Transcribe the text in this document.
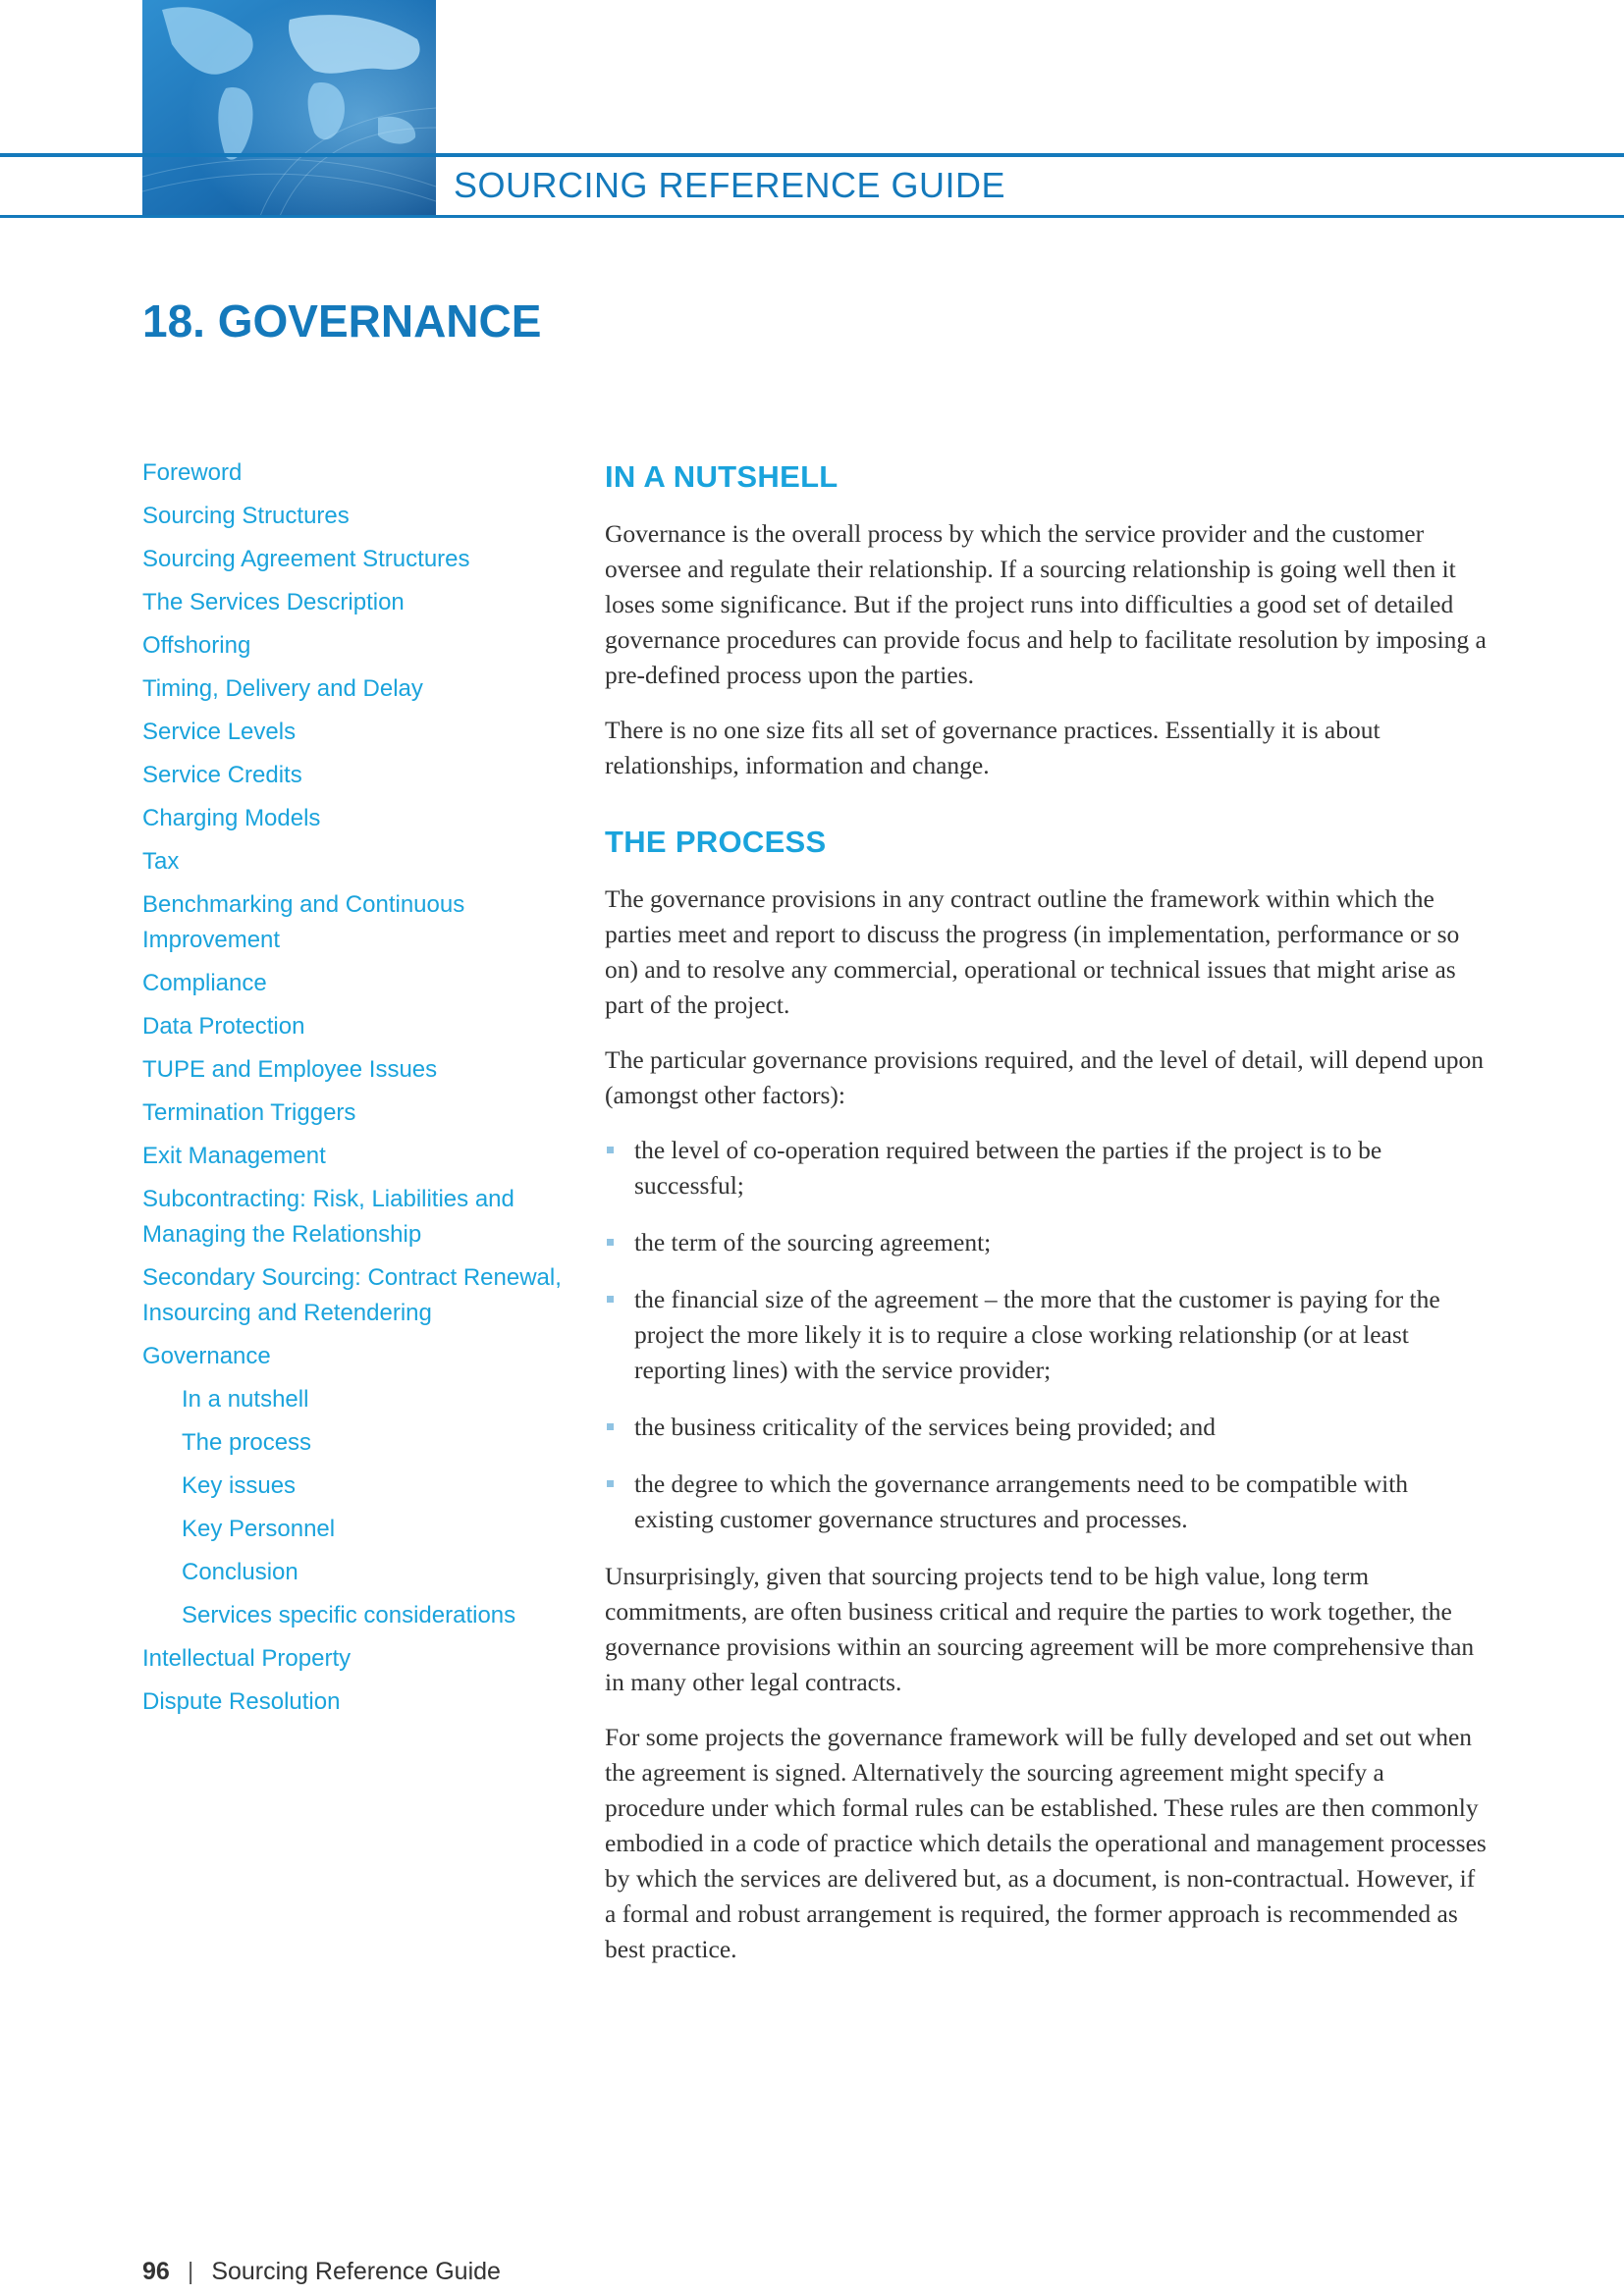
SOURCING REFERENCE GUIDE
18. GOVERNANCE
Foreword
Sourcing Structures
Sourcing Agreement Structures
The Services Description
Offshoring
Timing, Delivery and Delay
Service Levels
Service Credits
Charging Models
Tax
Benchmarking and Continuous Improvement
Compliance
Data Protection
TUPE and Employee Issues
Termination Triggers
Exit Management
Subcontracting: Risk, Liabilities and Managing the Relationship
Secondary Sourcing: Contract Renewal, Insourcing and Retendering
Governance
In a nutshell
The process
Key issues
Key Personnel
Conclusion
Services specific considerations
Intellectual Property
Dispute Resolution
IN A NUTSHELL

Governance is the overall process by which the service provider and the customer oversee and regulate their relationship. If a sourcing relationship is going well then it loses some significance. But if the project runs into difficulties a good set of detailed governance procedures can provide focus and help to facilitate resolution by imposing a pre-defined process upon the parties.

There is no one size fits all set of governance practices. Essentially it is about relationships, information and change.

THE PROCESS

The governance provisions in any contract outline the framework within which the parties meet and report to discuss the progress (in implementation, performance or so on) and to resolve any commercial, operational or technical issues that might arise as part of the project.

The particular governance provisions required, and the level of detail, will depend upon (amongst other factors):

the level of co-operation required between the parties if the project is to be successful;
the term of the sourcing agreement;
the financial size of the agreement – the more that the customer is paying for the project the more likely it is to require a close working relationship (or at least reporting lines) with the service provider;
the business criticality of the services being provided; and
the degree to which the governance arrangements need to be compatible with existing customer governance structures and processes.

Unsurprisingly, given that sourcing projects tend to be high value, long term commitments, are often business critical and require the parties to work together, the governance provisions within an sourcing agreement will be more comprehensive than in many other legal contracts.

For some projects the governance framework will be fully developed and set out when the agreement is signed. Alternatively the sourcing agreement might specify a procedure under which formal rules can be established. These rules are then commonly embodied in a code of practice which details the operational and management processes by which the services are delivered but, as a document, is non-contractual. However, if a formal and robust arrangement is required, the former approach is recommended as best practice.

96 | Sourcing Reference Guide
